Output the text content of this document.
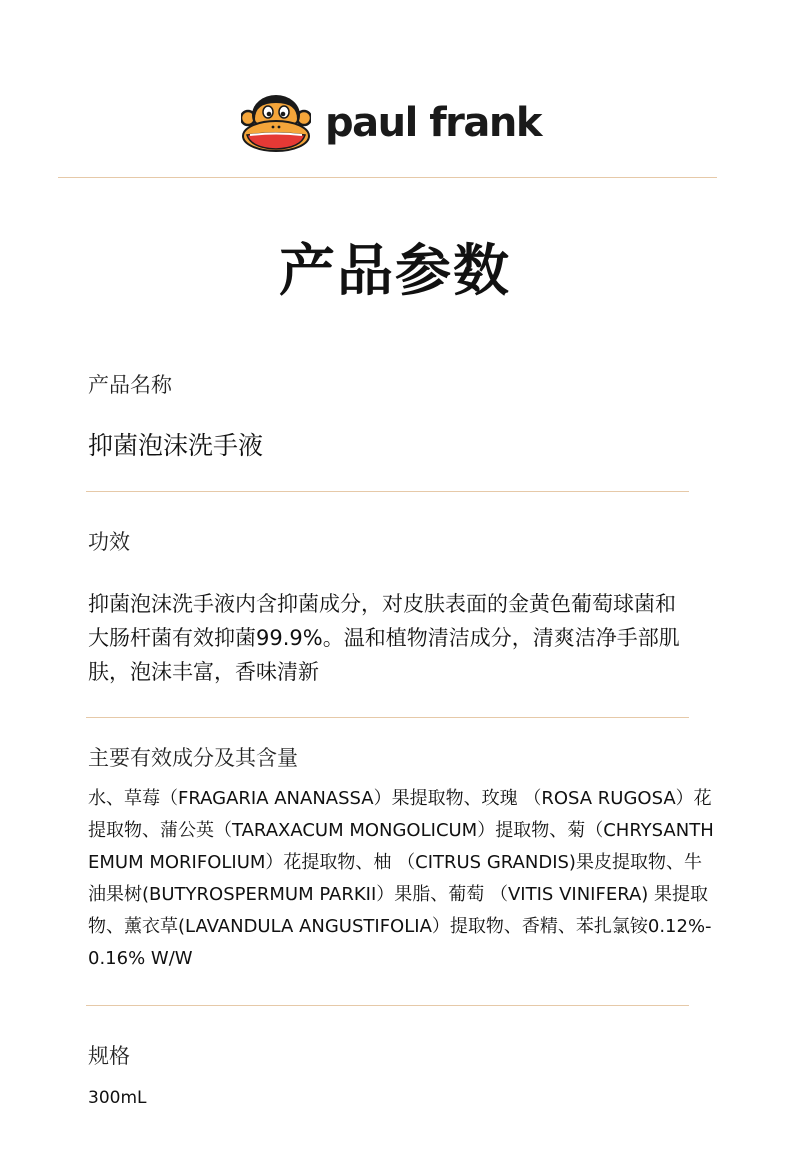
paul frank
产品参数
产品名称
抑菌泡沫洗手液
功效
抑菌泡沫洗手液内含抑菌成分，对皮肤表面的金黄色葡萄球菌和大肠杆菌有效抑菌99.9%。温和植物清洁成分，清爽洁净手部肌肤，泡沫丰富，香味清新
主要有效成分及其含量
水、草莓（FRAGARIA ANANASSA）果提取物、玫瑰 （ROSA RUGOSA）花提取物、蒲公英（TARAXACUM MONGOLICUM）提取物、菊（CHRYSANTHEMUM MORIFOLIUM）花提取物、柚 （CITRUS GRANDIS)果皮提取物、牛油果树(BUTYROSPERMUM PARKII）果脂、葡萄 （VITIS VINIFERA) 果提取物、薰衣草(LAVANDULA ANGUSTIFOLIA）提取物、香精、苯扎氯铵0.12%-0.16% W/W
规格
300mL
